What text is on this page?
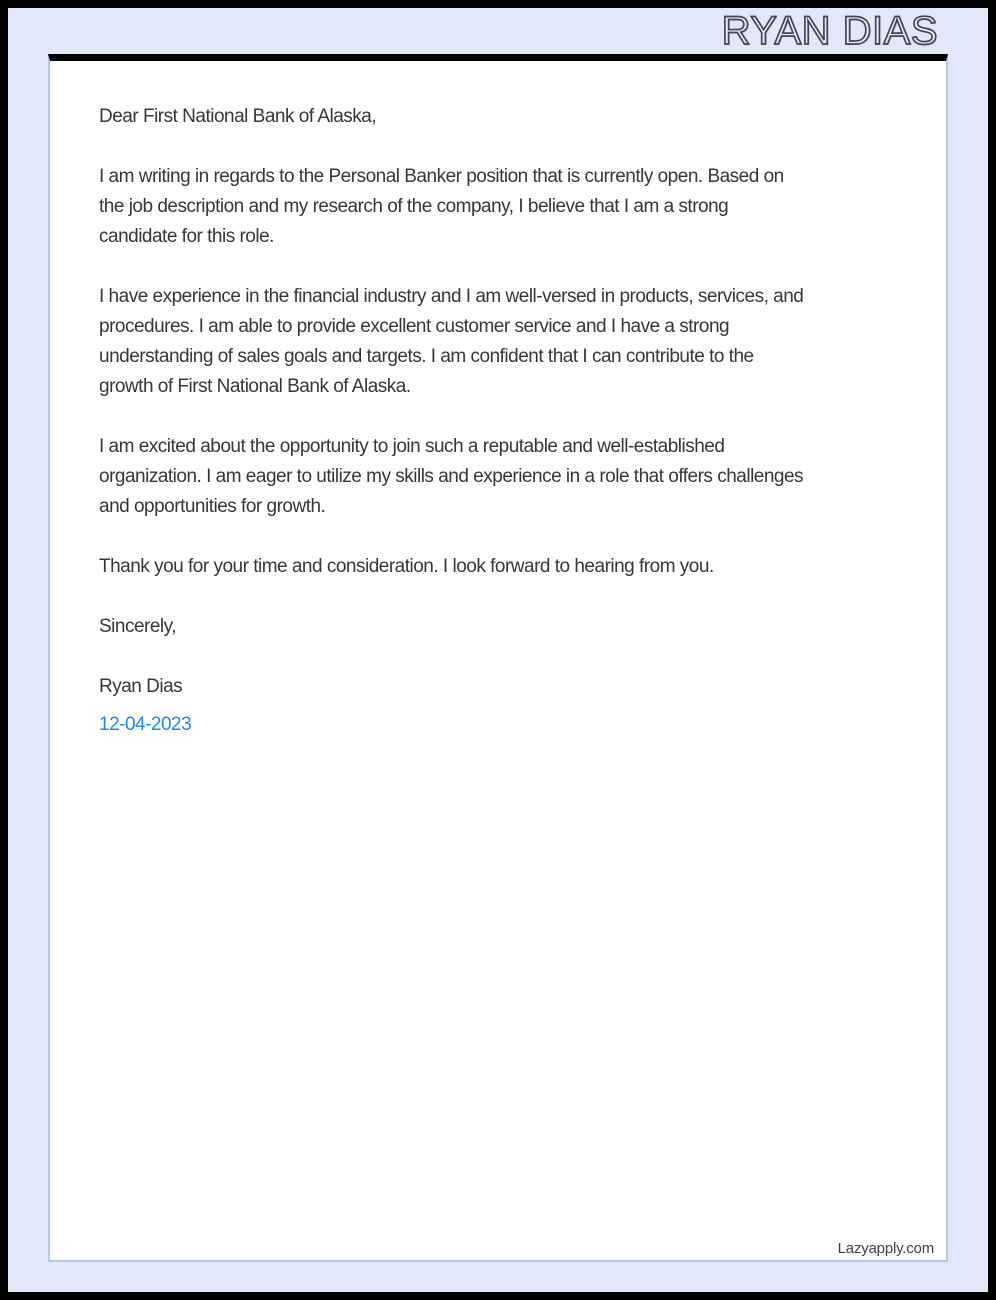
RYAN DIAS

Dear First National Bank of Alaska,

I am writing in regards to the Personal Banker position that is currently open. Based on
the job description and my research of the company, I believe that I am a strong
candidate for this role.

I have experience in the financial industry and I am well-versed in products, services, and
procedures. I am able to provide excellent customer service and I have a strong
understanding of sales goals and targets. I am confident that I can contribute to the
growth of First National Bank of Alaska.

I am excited about the opportunity to join such a reputable and well-established
organization. I am eager to utilize my skills and experience in a role that offers challenges
and opportunities for growth.

Thank you for your time and consideration. I look forward to hearing from you.

Sincerely,

Ryan Dias

12-04-2023

Lazyapply.com
